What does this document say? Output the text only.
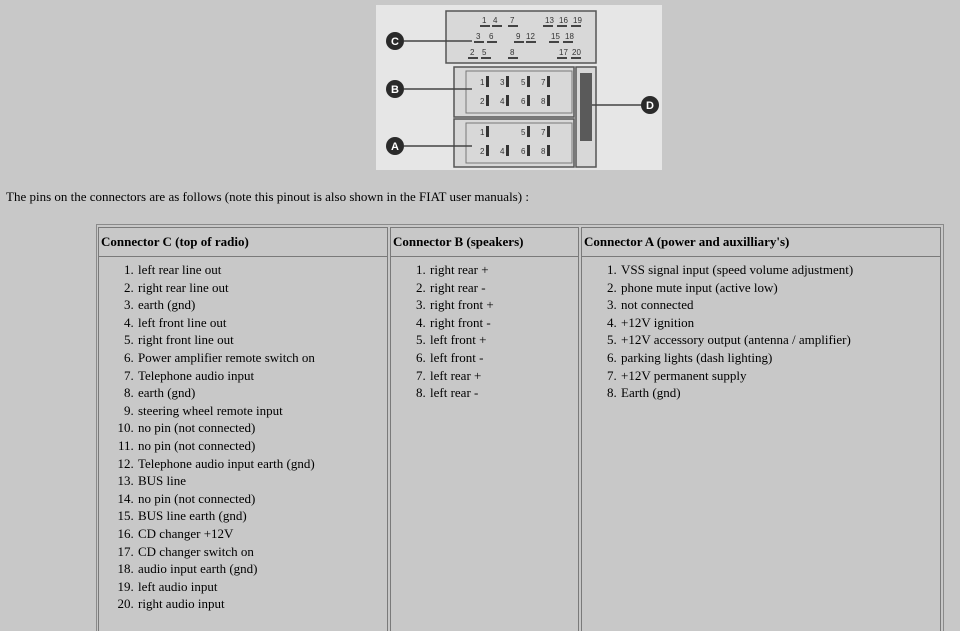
1 4 7	13 16 19
3 6	9 12 15 18
2 5	8	17 20
1 3 5 7
2 4 6 8
1	5 7
2 4 6 8
C
B
A
D
The pins on the connectors are as follows (note this pinout is also shown in the FIAT user manuals) :
Connector C (top of radio)
1. left rear line out
2. right rear line out
3. earth (gnd)
4. left front line out
5. right front line out
6. Power amplifier remote switch on
7. Telephone audio input
8. earth (gnd)
9. steering wheel remote input
10. no pin (not connected)
11. no pin (not connected)
12. Telephone audio input earth (gnd)
13. BUS line
14. no pin (not connected)
15. BUS line earth (gnd)
16. CD changer +12V
17. CD changer switch on
18. audio input earth (gnd)
19. left audio input
20. right audio input
Connector B (speakers)
1. right rear +
2. right rear -
3. right front +
4. right front -
5. left front +
6. left front -
7. left rear +
8. left rear -
Connector A (power and auxilliary's)
1. VSS signal input (speed volume adjustment)
2. phone mute input (active low)
3. not connected
4. +12V ignition
5. +12V accessory output (antenna / amplifier)
6. parking lights (dash lighting)
7. +12V permanent supply
8. Earth (gnd)
